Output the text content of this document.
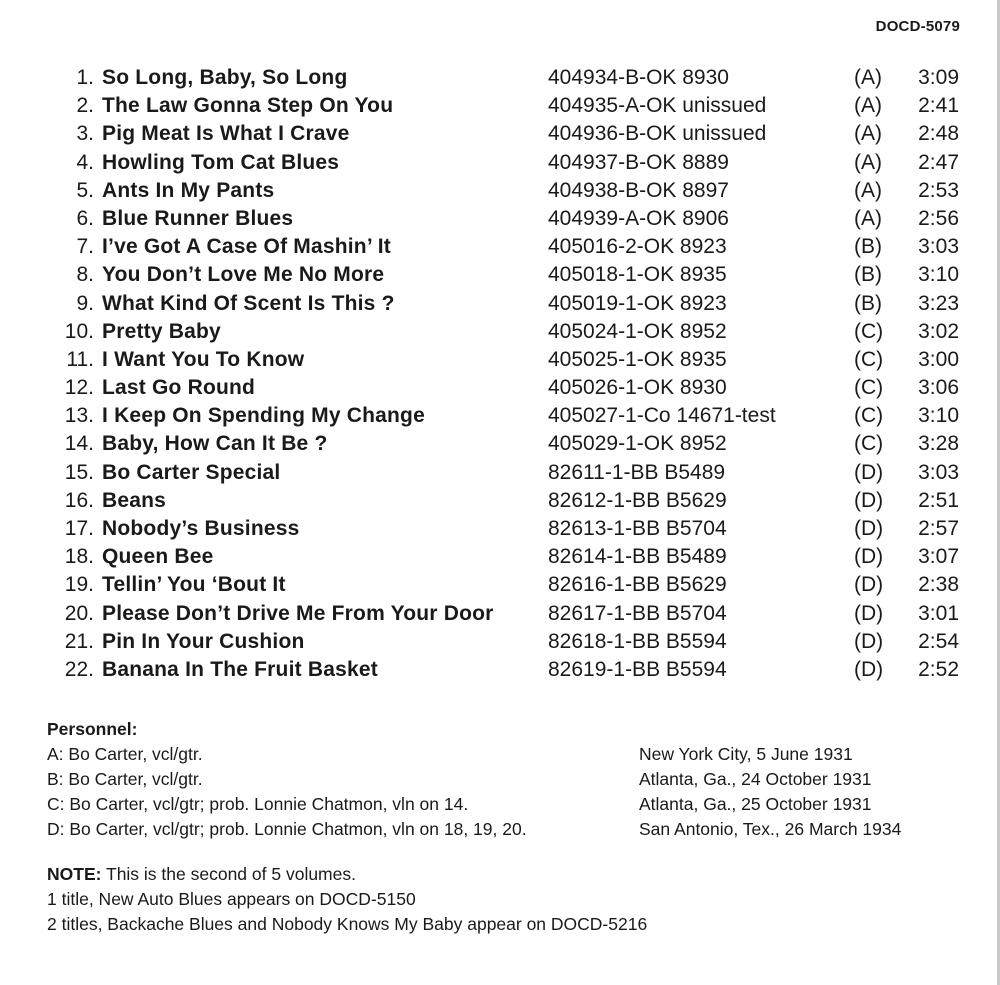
DOCD-5079
1. So Long, Baby, So Long	404934-B-OK 8930	(A) 3:09
2. The Law Gonna Step On You	404935-A-OK unissued	(A) 2:41
3. Pig Meat Is What I Crave	404936-B-OK unissued	(A) 2:48
4. Howling Tom Cat Blues	404937-B-OK 8889	(A) 2:47
5. Ants In My Pants	404938-B-OK 8897	(A) 2:53
6. Blue Runner Blues	404939-A-OK 8906	(A) 2:56
7. I’ve Got A Case Of Mashin’ It	405016-2-OK 8923	(B) 3:03
8. You Don’t Love Me No More	405018-1-OK 8935	(B) 3:10
9. What Kind Of Scent Is This ?	405019-1-OK 8923	(B) 3:23
10. Pretty Baby	405024-1-OK 8952	(C) 3:02
11. I Want You To Know	405025-1-OK 8935	(C) 3:00
12. Last Go Round	405026-1-OK 8930	(C) 3:06
13. I Keep On Spending My Change	405027-1-Co 14671-test	(C) 3:10
14. Baby, How Can It Be ?	405029-1-OK 8952	(C) 3:28
15. Bo Carter Special	82611-1-BB B5489	(D) 3:03
16. Beans	82612-1-BB B5629	(D) 2:51
17. Nobody’s Business	82613-1-BB B5704	(D) 2:57
18. Queen Bee	82614-1-BB B5489	(D) 3:07
19. Tellin’ You ‘Bout It	82616-1-BB B5629	(D) 2:38
20. Please Don’t Drive Me From Your Door	82617-1-BB B5704	(D) 3:01
21. Pin In Your Cushion	82618-1-BB B5594	(D) 2:54
22. Banana In The Fruit Basket	82619-1-BB B5594	(D) 2:52
Personnel:
A: Bo Carter, vcl/gtr.	New York City, 5 June 1931
B: Bo Carter, vcl/gtr.	Atlanta, Ga., 24 October 1931
C: Bo Carter, vcl/gtr; prob. Lonnie Chatmon, vln on 14.	Atlanta, Ga., 25 October 1931
D: Bo Carter, vcl/gtr; prob. Lonnie Chatmon, vln on 18, 19, 20.	San Antonio, Tex., 26 March 1934
NOTE: This is the second of 5 volumes.
1 title, New Auto Blues appears on DOCD-5150
2 titles, Backache Blues and Nobody Knows My Baby appear on DOCD-5216
